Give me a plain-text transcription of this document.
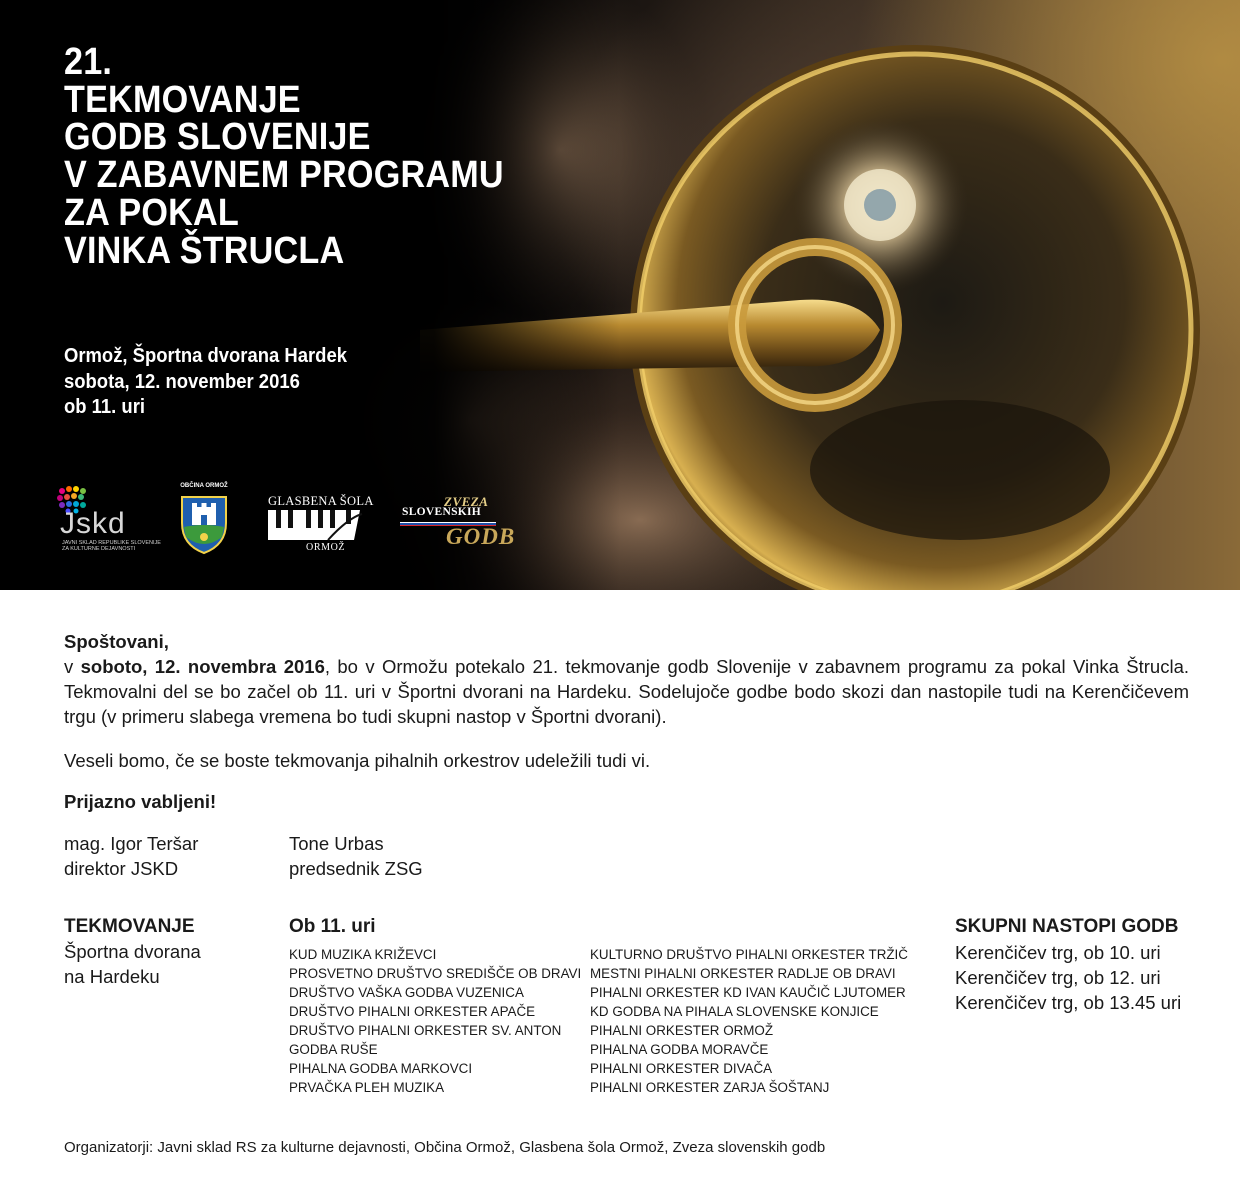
21.
TEKMOVANJE
GODB SLOVENIJE
V ZABAVNEM PROGRAMU
ZA POKAL
VINKA ŠTRUCLA
Ormož, Športna dvorana Hardek
sobota, 12. november 2016
ob 11. uri
Jskd
JAVNI SKLAD REPUBLIKE SLOVENIJE ZA KULTURNE DEJAVNOSTI
OBČINA ORMOŽ
GLASBENA ŠOLA
ORMOŽ
ZVEZA
SLOVENSKIH
GODB

Spoštovani,
v soboto, 12. novembra 2016, bo v Ormožu potekalo 21. tekmovanje godb Slovenije v zabavnem programu za pokal Vinka Štrucla. Tekmovalni del se bo začel ob 11. uri v Športni dvorani na Hardeku. Sodelujoče godbe bodo skozi dan nastopile tudi na Kerenčičevem trgu (v primeru slabega vremena bo tudi skupni nastop v Športni dvorani).

Veseli bomo, če se boste tekmovanja pihalnih orkestrov udeležili tudi vi.

Prijazno vabljeni!

mag. Igor Teršar
direktor JSKD
Tone Urbas
predsednik ZSG
TEKMOVANJE
Športna dvorana
na Hardeku
Ob 11. uri
KUD MUZIKA KRIŽEVCI
PROSVETNO DRUŠTVO SREDIŠČE OB DRAVI
DRUŠTVO VAŠKA GODBA VUZENICA
DRUŠTVO PIHALNI ORKESTER APAČE
DRUŠTVO PIHALNI ORKESTER SV. ANTON
GODBA RUŠE
PIHALNA GODBA MARKOVCI
PRVAČKA PLEH MUZIKA
KULTURNO DRUŠTVO PIHALNI ORKESTER TRŽIČ
MESTNI PIHALNI ORKESTER RADLJE OB DRAVI
PIHALNI ORKESTER KD IVAN KAUČIČ LJUTOMER
KD GODBA NA PIHALA SLOVENSKE KONJICE
PIHALNI ORKESTER ORMOŽ
PIHALNA GODBA MORAVČE
PIHALNI ORKESTER DIVAČA
PIHALNI ORKESTER ZARJA ŠOŠTANJ
SKUPNI NASTOPI GODB
Kerenčičev trg, ob 10. uri
Kerenčičev trg, ob 12. uri
Kerenčičev trg, ob 13.45 uri

Organizatorji: Javni sklad RS za kulturne dejavnosti, Občina Ormož, Glasbena šola Ormož, Zveza slovenskih godb
